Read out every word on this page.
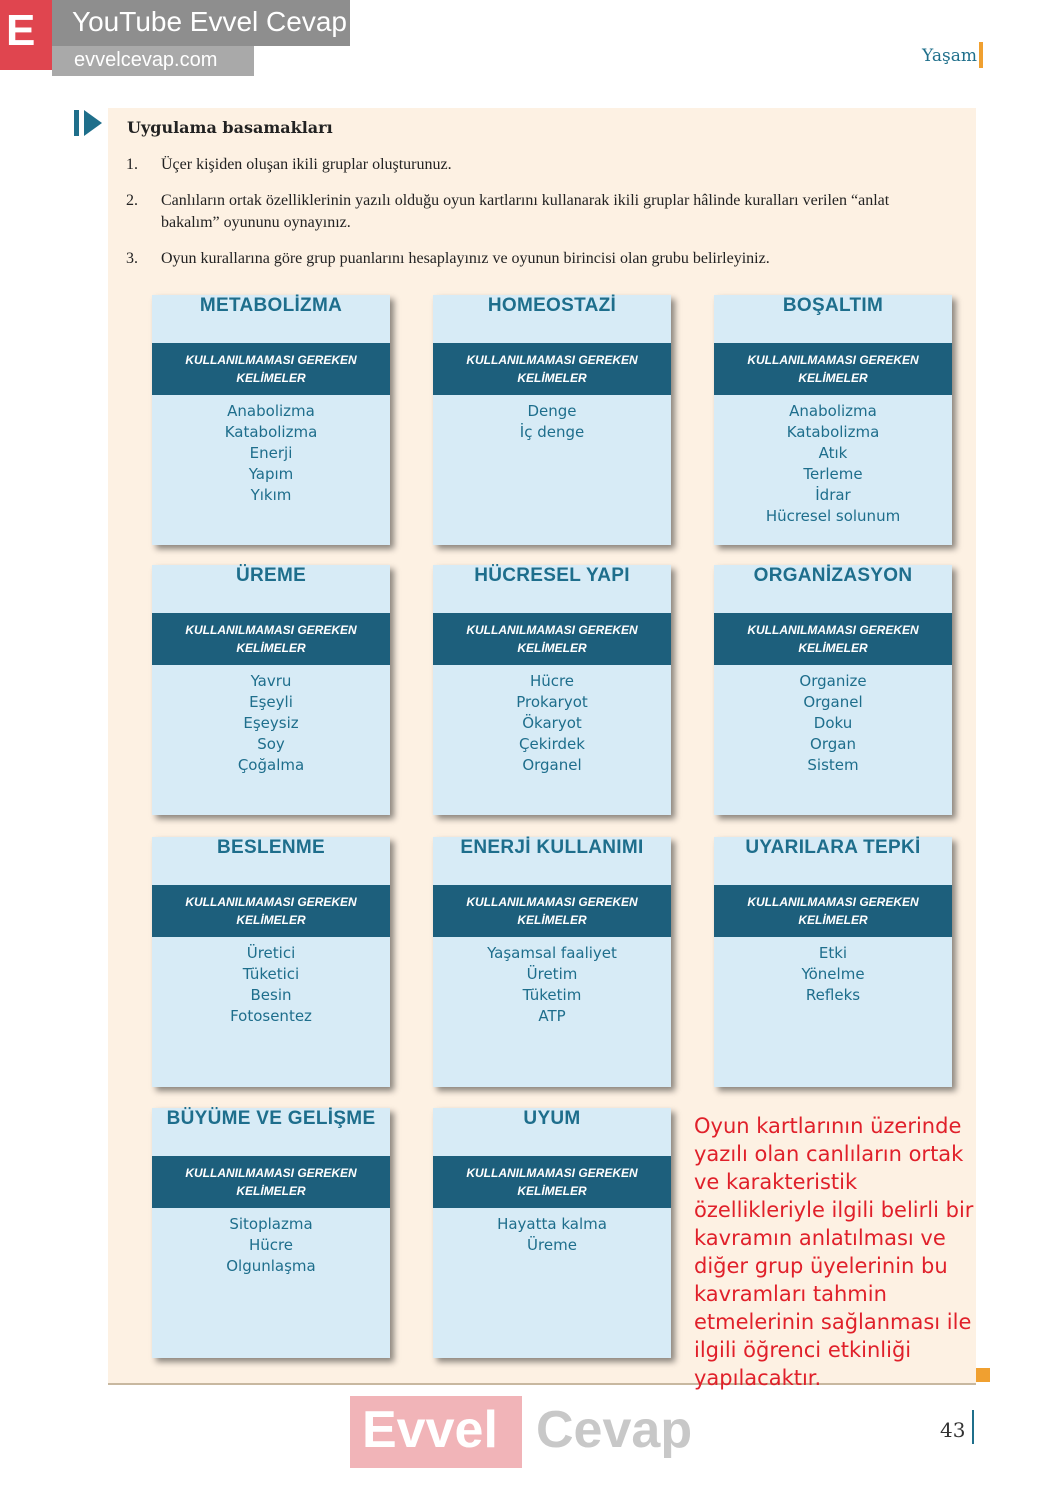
E YouTube Evvel Cevap
evvelcevap.com	Yaşam
Uygulama basamakları
1. Üçer kişiden oluşan ikili gruplar oluşturunuz.
2. Canlıların ortak özelliklerinin yazılı olduğu oyun kartlarını kullanarak ikili gruplar hâlinde kuralları verilen “anlat bakalım” oyununu oynayınız.
3. Oyun kurallarına göre grup puanlarını hesaplayınız ve oyunun birincisi olan grubu belirleyiniz.
METABOLİZMA
KULLANILMAMASI GEREKEN KELİMELER
Anabolizma
Katabolizma
Enerji
Yapım
Yıkım
HOMEOSTAZİ
KULLANILMAMASI GEREKEN KELİMELER
Denge
İç denge
BOŞALTIM
KULLANILMAMASI GEREKEN KELİMELER
Anabolizma
Katabolizma
Atık
Terleme
İdrar
Hücresel solunum
ÜREME
KULLANILMAMASI GEREKEN KELİMELER
Yavru
Eşeyli
Eşeysiz
Soy
Çoğalma
HÜCRESEL YAPI
KULLANILMAMASI GEREKEN KELİMELER
Hücre
Prokaryot
Ökaryot
Çekirdek
Organel
ORGANİZASYON
KULLANILMAMASI GEREKEN KELİMELER
Organize
Organel
Doku
Organ
Sistem
BESLENME
KULLANILMAMASI GEREKEN KELİMELER
Üretici
Tüketici
Besin
Fotosentez
ENERJİ KULLANIMI
KULLANILMAMASI GEREKEN KELİMELER
Yaşamsal faaliyet
Üretim
Tüketim
ATP
UYARILARA TEPKİ
KULLANILMAMASI GEREKEN KELİMELER
Etki
Yönelme
Refleks
BÜYÜME VE GELİŞME
KULLANILMAMASI GEREKEN KELİMELER
Sitoplazma
Hücre
Olgunlaşma
UYUM
KULLANILMAMASI GEREKEN KELİMELER
Hayatta kalma
Üreme
Oyun kartlarının üzerinde yazılı olan canlıların ortak ve karakteristik özellikleriyle ilgili belirli bir kavramın anlatılması ve diğer grup üyelerinin bu kavramları tahmin etmelerinin sağlanması ile ilgili öğrenci etkinliği yapılacaktır.
Evvel Cevap	43
